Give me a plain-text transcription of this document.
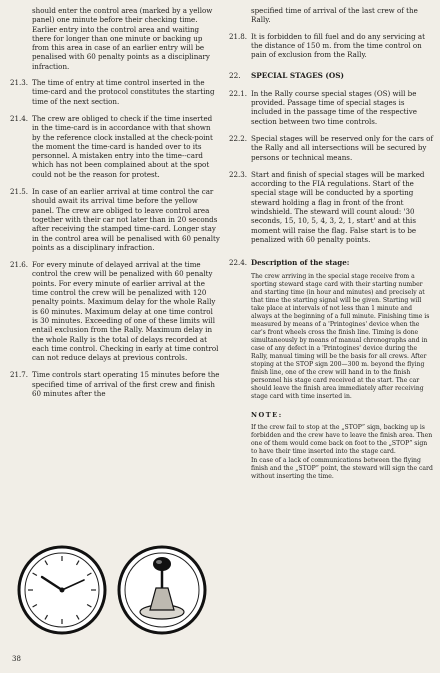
should enter the control area (marked by a yellow panel) one minute before their checking time. Earlier entry into the control area and waiting there for longer than one minute or backing up from this area in case of an earlier entry will be penalised with 60 penalty points as a disciplinary infraction.
21.3. The time of entry at time control inserted in the time-card and the protocol constitutes the starting time of the next section.
21.4. The crew are obliged to check if the time inserted in the time-card is in accordance with that shown by the reference clock installed at the check-point the moment the time-card is handed over to its personnel. A mistaken entry into the time--card which has not been complained about at the spot could not be the reason for protest.
21.5. In case of an earlier arrival at time control the car should await its arrival time before the yellow panel. The crew are obliged to leave control area together with their car not later than in 20 seconds after receiving the stamped time-card. Longer stay in the control area will be penalised with 60 penalty points as a disciplinary infraction.
21.6. For every minute of delayed arrival at the time control the crew will be penalized with 60 penalty points. For every minute of earlier arrival at the time control the crew will be penalized with 120 penalty points. Maximum delay for the whole Rally is 60 minutes. Maximum delay at one time control is 30 minutes. Exceeding of one of these limits will entail exclusion from the Rally. Maximum delay in the whole Rally is the total of delays recorded at each time control. Checking in early at time control can not reduce delays at previous controls.
21.7. Time controls start operating 15 minutes before the specified time of arrival of the first crew and finish 60 minutes after the
38
specified time of arrival of the last crew of the Rally.
21.8. It is forbidden to fill fuel and do any servicing at the distance of 150 m. from the time control on pain of exclusion from the Rally.
22. SPECIAL STAGES (OS)
22.1. In the Rally course special stages (OS) will be provided. Passage time of special stages is included in the passage time of the respective section between two time controls.
22.2. Special stages will be reserved only for the cars of the Rally and all intersections will be secured by persons or technical means.
22.3. Start and finish of special stages will be marked according to the FIA regulations. Start of the special stage will be conducted by a sporting steward holding a flag in front of the front windshield. The steward will count aloud: '30 seconds, 15, 10, 5, 4, 3, 2, 1, start' and at this moment will raise the flag. False start is to be penalized with 60 penalty points.
22.4. Description of the stage:
The crew arriving in the special stage receive from a sporting steward stage card with their starting number and starting time (in hour and minutes) and precisely at that time the starting signal will be given. Starting will take place at intervals of not less than 1 minute and always at the beginning of a full minute. Finishing time is measured by means of a 'Printogines' device when the car's front wheels cross the finish line. Timing is done simultaneously by means of manual chronographs and in case of any defect in a 'Printogines' device during the Rally, manual timing will be the basis for all crews. After stoping at the STOP sign 200—300 m. beyond the flying finish line, one of the crew will hand in to the finish personnel his stage card received at the start. The car should leave the finish area immediately after receiving stage card with time inserted in.
NOTE:
If the crew fail to stop at the „STOP” sign, backing up is forbidden and the crew have to leave the finish area. Then one of them would come back on foot to the „STOP” sign to have their time inserted into the stage card.
In case of a lack of communications between the flying finish and the „STOP” point, the steward will sign the card without inserting the time.
